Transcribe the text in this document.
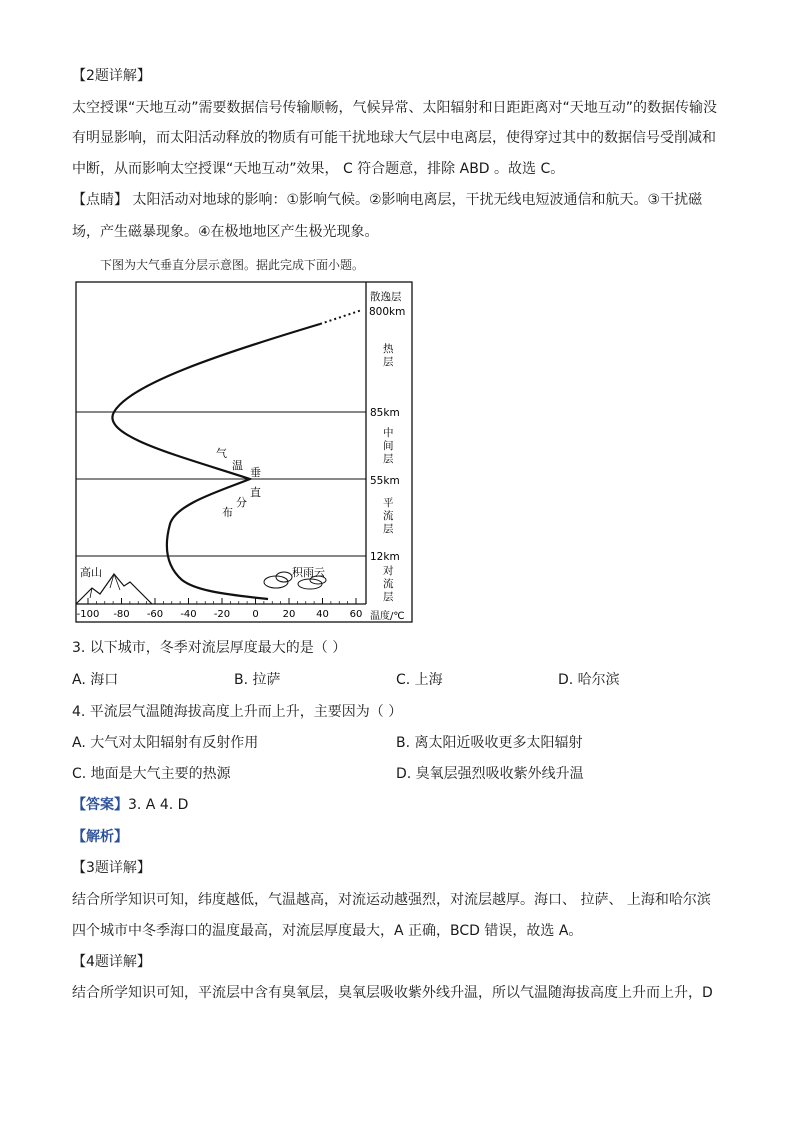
【2题详解】
太空授课“天地互动”需要数据信号传输顺畅，气候异常、太阳辐射和日距距离对“天地互动”的数据传输没
有明显影响，而太阳活动释放的物质有可能干扰地球大气层中电离层，使得穿过其中的数据信号受削减和
中断，从而影响太空授课“天地互动”效果， C 符合题意，排除 ABD 。故选 C。
【点睛】 太阳活动对地球的影响：①影响气候。②影响电离层，干扰无线电短波通信和航天。③干扰磁
场，产生磁暴现象。④在极地地区产生极光现象。
下图为大气垂直分层示意图。据此完成下面小题。
气
温
垂
直
分
布
高山	积雨云
散逸层
800km
热
层
85km
中
间
层
55km
平
流
层
12km
对
流
层
-100 -80 -60 -40 -20 0 20 40 60 温度/℃
3. 以下城市，冬季对流层厚度最大的是（ ）
A. 海口	B. 拉萨	C. 上海	D. 哈尔滨
4. 平流层气温随海拔高度上升而上升，主要因为（ ）
A. 大气对太阳辐射有反射作用	B. 离太阳近吸收更多太阳辐射
C. 地面是大气主要的热源	D. 臭氧层强烈吸收紫外线升温
【答案】3. A 4. D
【解析】
【3题详解】
结合所学知识可知，纬度越低，气温越高，对流运动越强烈，对流层越厚。海口、 拉萨、 上海和哈尔滨
四个城市中冬季海口的温度最高，对流层厚度最大，A 正确，BCD 错误，故选 A。
【4题详解】
结合所学知识可知，平流层中含有臭氧层，臭氧层吸收紫外线升温，所以气温随海拔高度上升而上升，D
